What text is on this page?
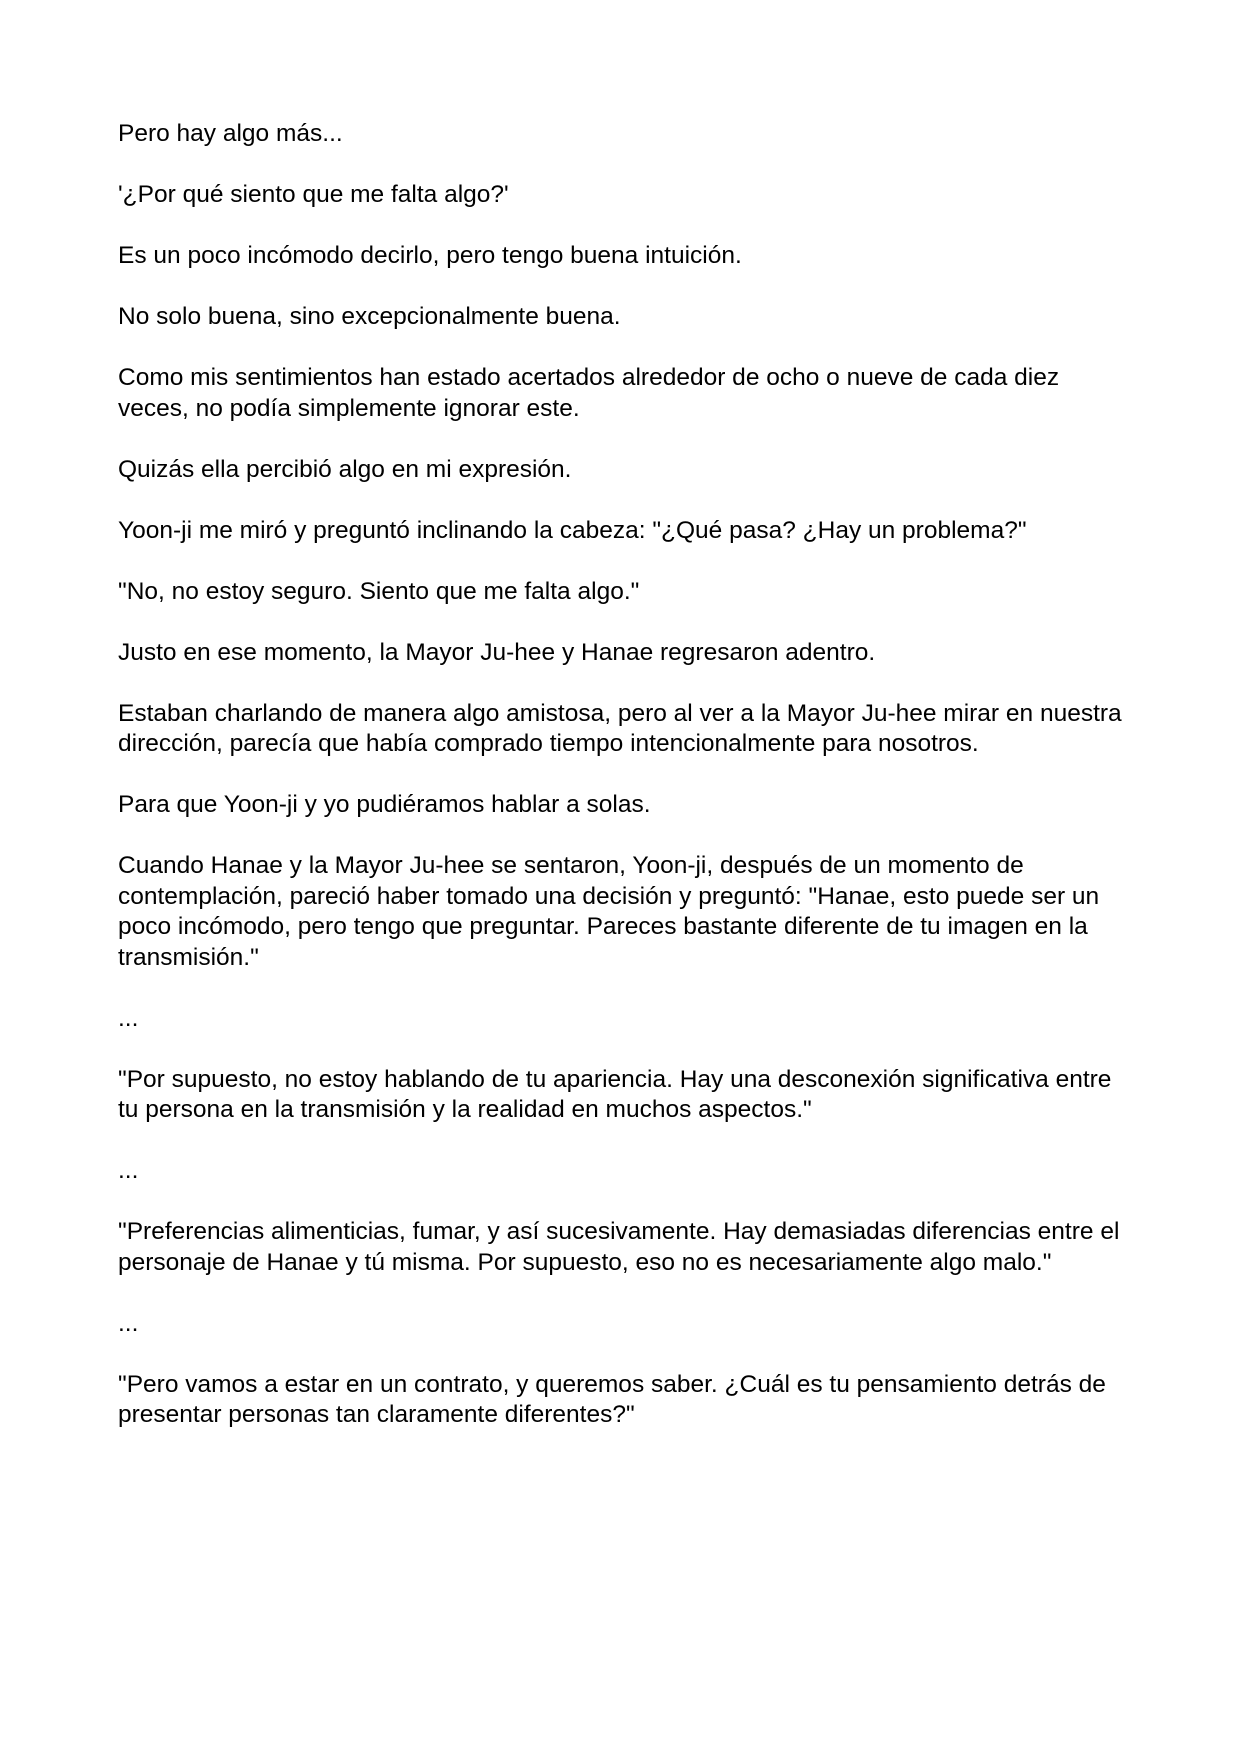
Pero hay algo más...

'¿Por qué siento que me falta algo?'

Es un poco incómodo decirlo, pero tengo buena intuición.

No solo buena, sino excepcionalmente buena.

Como mis sentimientos han estado acertados alrededor de ocho o nueve de cada diez veces, no podía simplemente ignorar este.

Quizás ella percibió algo en mi expresión.

Yoon-ji me miró y preguntó inclinando la cabeza: "¿Qué pasa? ¿Hay un problema?"

"No, no estoy seguro. Siento que me falta algo."

Justo en ese momento, la Mayor Ju-hee y Hanae regresaron adentro.

Estaban charlando de manera algo amistosa, pero al ver a la Mayor Ju-hee mirar en nuestra dirección, parecía que había comprado tiempo intencionalmente para nosotros.

Para que Yoon-ji y yo pudiéramos hablar a solas.

Cuando Hanae y la Mayor Ju-hee se sentaron, Yoon-ji, después de un momento de contemplación, pareció haber tomado una decisión y preguntó: "Hanae, esto puede ser un poco incómodo, pero tengo que preguntar. Pareces bastante diferente de tu imagen en la transmisión."

...

"Por supuesto, no estoy hablando de tu apariencia. Hay una desconexión significativa entre tu persona en la transmisión y la realidad en muchos aspectos."

...

"Preferencias alimenticias, fumar, y así sucesivamente. Hay demasiadas diferencias entre el personaje de Hanae y tú misma. Por supuesto, eso no es necesariamente algo malo."

...

"Pero vamos a estar en un contrato, y queremos saber. ¿Cuál es tu pensamiento detrás de presentar personas tan claramente diferentes?"
